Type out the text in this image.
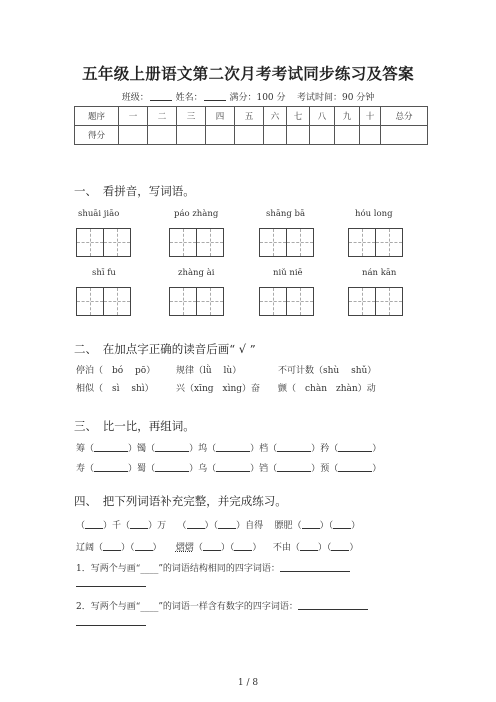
五年级上册语文第二次月考考试同步练习及答案
班级：	姓名：	满分：100 分 考试时间：90 分钟
题序	一	二	三	四	五	六	七	八	九	十	总分
得分											
一、　看拼音，写词语。
shuāi jiāo	páo zhàng	shāng bā	hóu long
shī fu	zhàng ài	niǔ niē	nán kān
二、　在加点字正确的读音后画“ √ ”
停泊（　bó　 pō） 规律（lǜ　 lù）	不可计数（shù　 shǔ）
相似（　sì　 shì） 兴（xīng　xìng）奋 颤（　chàn　zhàn）动
三、　比一比，再组词。
筹（	）镯（	）坞（	）档（	）矜（	）
寿（	）蜀（	）乌（	）铛（	）预（	）
四、　把下列词语补充完整，并完成练习。
（ ）千（ ）万    （ ）（ ）自得 膘肥（ ）（ ）
辽阔（ ）（ ）     熠熠（ ）（ ）    不由（ ）（ ）
1．写两个与画“____”的词语结构相同的四字词语：
2．写两个与画“____”的词语一样含有数字的四字词语：
1 / 8
